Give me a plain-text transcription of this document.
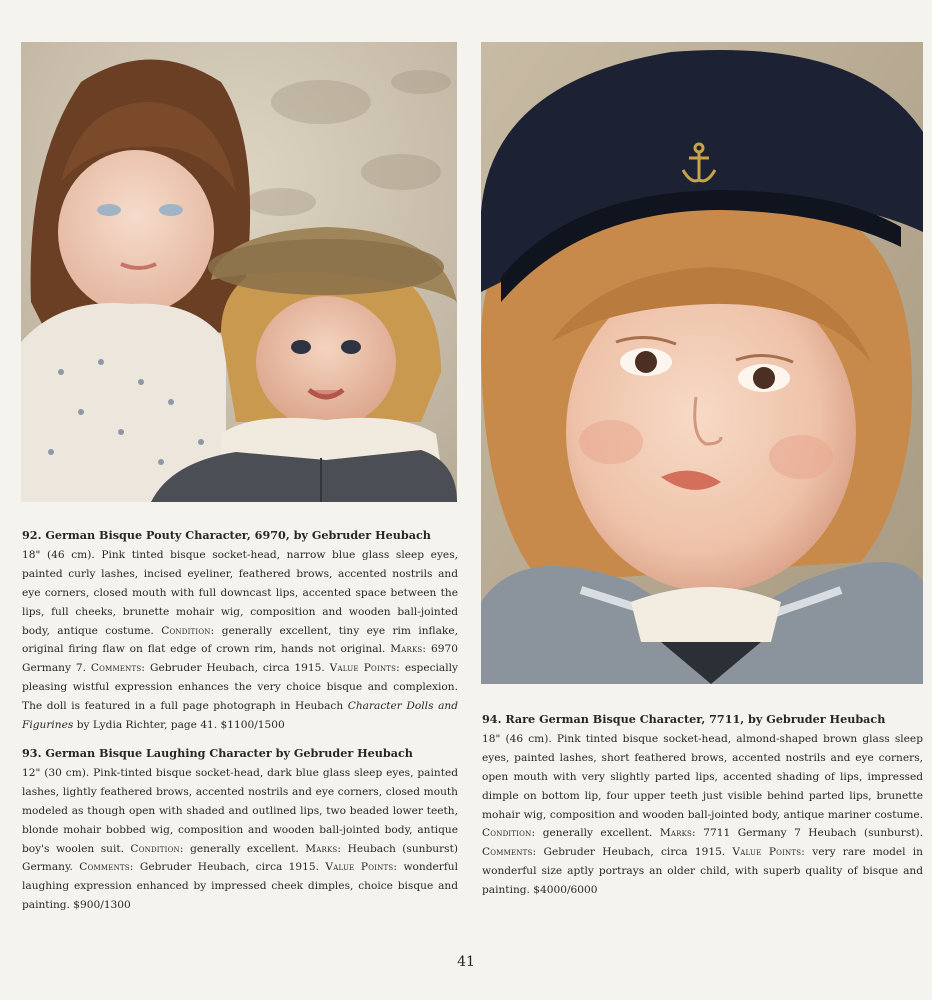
92. German Bisque Pouty Character, 6970, by Gebruder Heubach
18" (46 cm). Pink tinted bisque socket-head, narrow blue glass sleep eyes, painted curly lashes, incised eyeliner, feathered brows, accented nostrils and eye corners, closed mouth with full downcast lips, accented space between the lips, full cheeks, brunette mohair wig, composition and wooden ball-jointed body, antique costume. Condition: generally excellent, tiny eye rim inflake, original firing flaw on flat edge of crown rim, hands not original. Marks: 6970 Germany 7. Comments: Gebruder Heubach, circa 1915. Value Points: especially pleasing wistful expression enhances the very choice bisque and complexion. The doll is featured in a full page photograph in Heubach Character Dolls and Figurines by Lydia Richter, page 41. $1100/1500
93. German Bisque Laughing Character by Gebruder Heubach
12" (30 cm). Pink-tinted bisque socket-head, dark blue glass sleep eyes, painted lashes, lightly feathered brows, accented nostrils and eye corners, closed mouth modeled as though open with shaded and outlined lips, two beaded lower teeth, blonde mohair bobbed wig, composition and wooden ball-jointed body, antique boy's woolen suit. Condition: generally excellent. Marks: Heubach (sunburst) Germany. Comments: Gebruder Heubach, circa 1915. Value Points: wonderful laughing expression enhanced by impressed cheek dimples, choice bisque and painting. $900/1300
94. Rare German Bisque Character, 7711, by Gebruder Heubach
18" (46 cm). Pink tinted bisque socket-head, almond-shaped brown glass sleep eyes, painted lashes, short feathered brows, accented nostrils and eye corners, open mouth with very slightly parted lips, accented shading of lips, impressed dimple on bottom lip, four upper teeth just visible behind parted lips, brunette mohair wig, composition and wooden ball-jointed body, antique mariner costume. Condition: generally excellent. Marks: 7711 Germany 7 Heubach (sunburst). Comments: Gebruder Heubach, circa 1915. Value Points: very rare model in wonderful size aptly portrays an older child, with superb quality of bisque and painting. $4000/6000
41
